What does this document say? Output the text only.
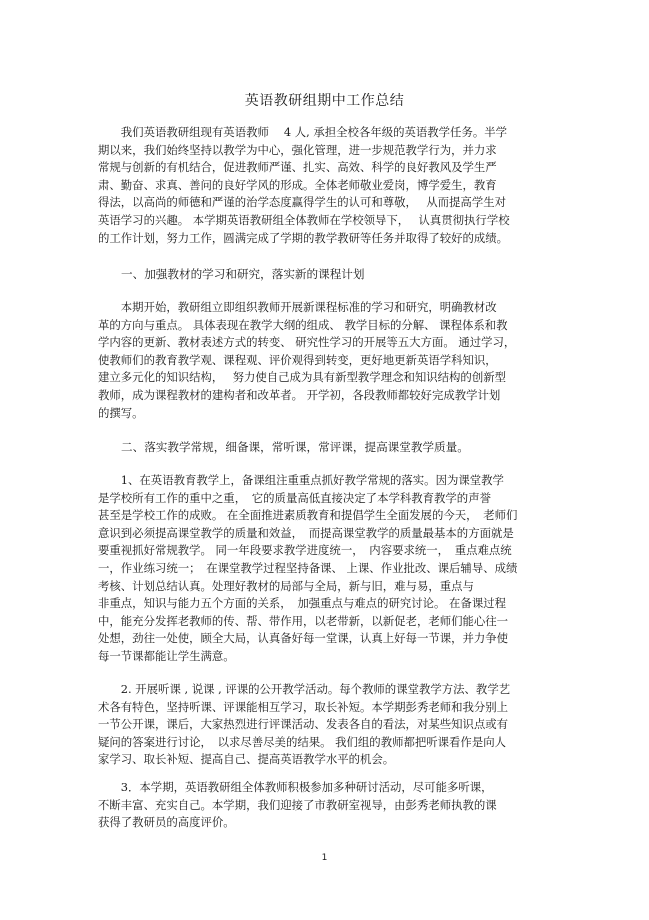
英语教研组期中工作总结
　　我们英语教研组现有英语教师　 4 人, 承担全校各年级的英语教学任务。半学
期以来，我们始终坚持以教学为中心，强化管理，进一步规范教学行为，并力求
常规与创新的有机结合，促进教师严谨、扎实、高效、科学的良好教风及学生严
肃、勤奋、求真、善问的良好学风的形成。全体老师敬业爱岗，博学爱生，教育
得法，以高尚的师德和严谨的治学态度赢得学生的认可和尊敬，　 从而提高学生对
英语学习的兴趣。 本学期英语教研组全体教师在学校领导下，　 认真贯彻执行学校
的工作计划，努力工作，圆满完成了学期的教学教研等任务并取得了较好的成绩。
一、加强教材的学习和研究，落实新的课程计划
　　本期开始，教研组立即组织教师开展新课程标准的学习和研究，明确教材改
革的方向与重点。 具体表现在教学大纲的组成、 教学目标的分解、 课程体系和教
学内容的更新、教材表述方式的转变、 研究性学习的开展等五大方面。 通过学习，
使教师们的教育教学观、课程观、评价观得到转变，更好地更新英语学科知识，
建立多元化的知识结构，　 努力使自己成为具有新型教学理念和知识结构的创新型
教师，成为课程教材的建构者和改革者。 开学初，各段教师都较好完成教学计划
的撰写。
二、落实教学常规，细备课，常听课，常评课，提高课堂教学质量。
　　1、在英语教育教学上，备课组注重重点抓好教学常规的落实。因为课堂教学
是学校所有工作的重中之重，　它的质量高低直接决定了本学科教育教学的声誉
甚至是学校工作的成败。 在全面推进素质教育和提倡学生全面发展的今天，　老师们
意识到必须提高课堂教学的质量和效益，　而提高课堂教学的质量最基本的方面就是
要重视抓好常规教学。 同一年段要求教学进度统一，　内容要求统一，　重点难点统
一，作业练习统一；　在课堂教学过程坚持备课、 上课、作业批改、课后辅导、成绩
考核、计划总结认真。处理好教材的局部与全局，新与旧，难与易，重点与
非重点，知识与能力五个方面的关系，　加强重点与难点的研究讨论。 在备课过程
中，能充分发挥老教师的传、帮、带作用，以老带新，以新促老，老师们能心往一
处想，劲往一处使，顾全大局，认真备好每一堂课，认真上好每一节课，并力争使
每一节课都能让学生满意。
　　2. 开展听课 , 说课 , 评课的公开教学活动。每个教师的课堂教学方法、教学艺
术各有特色，坚持听课、评课能相互学习，取长补短。本学期彭秀老师和我分别上
一节公开课，课后，大家热烈进行评课活动、发表各自的看法，对某些知识点或有
疑问的答案进行讨论，　以求尽善尽美的结果。 我们组的教师都把听课看作是向人
家学习、取长补短、提高自己、提高英语教学水平的机会。
　　3．本学期，英语教研组全体教师积极参加多种研讨活动，尽可能多听课，
不断丰富、充实自己。本学期，我们迎接了市教研室视导，由彭秀老师执教的课
获得了教研员的高度评价。
1
